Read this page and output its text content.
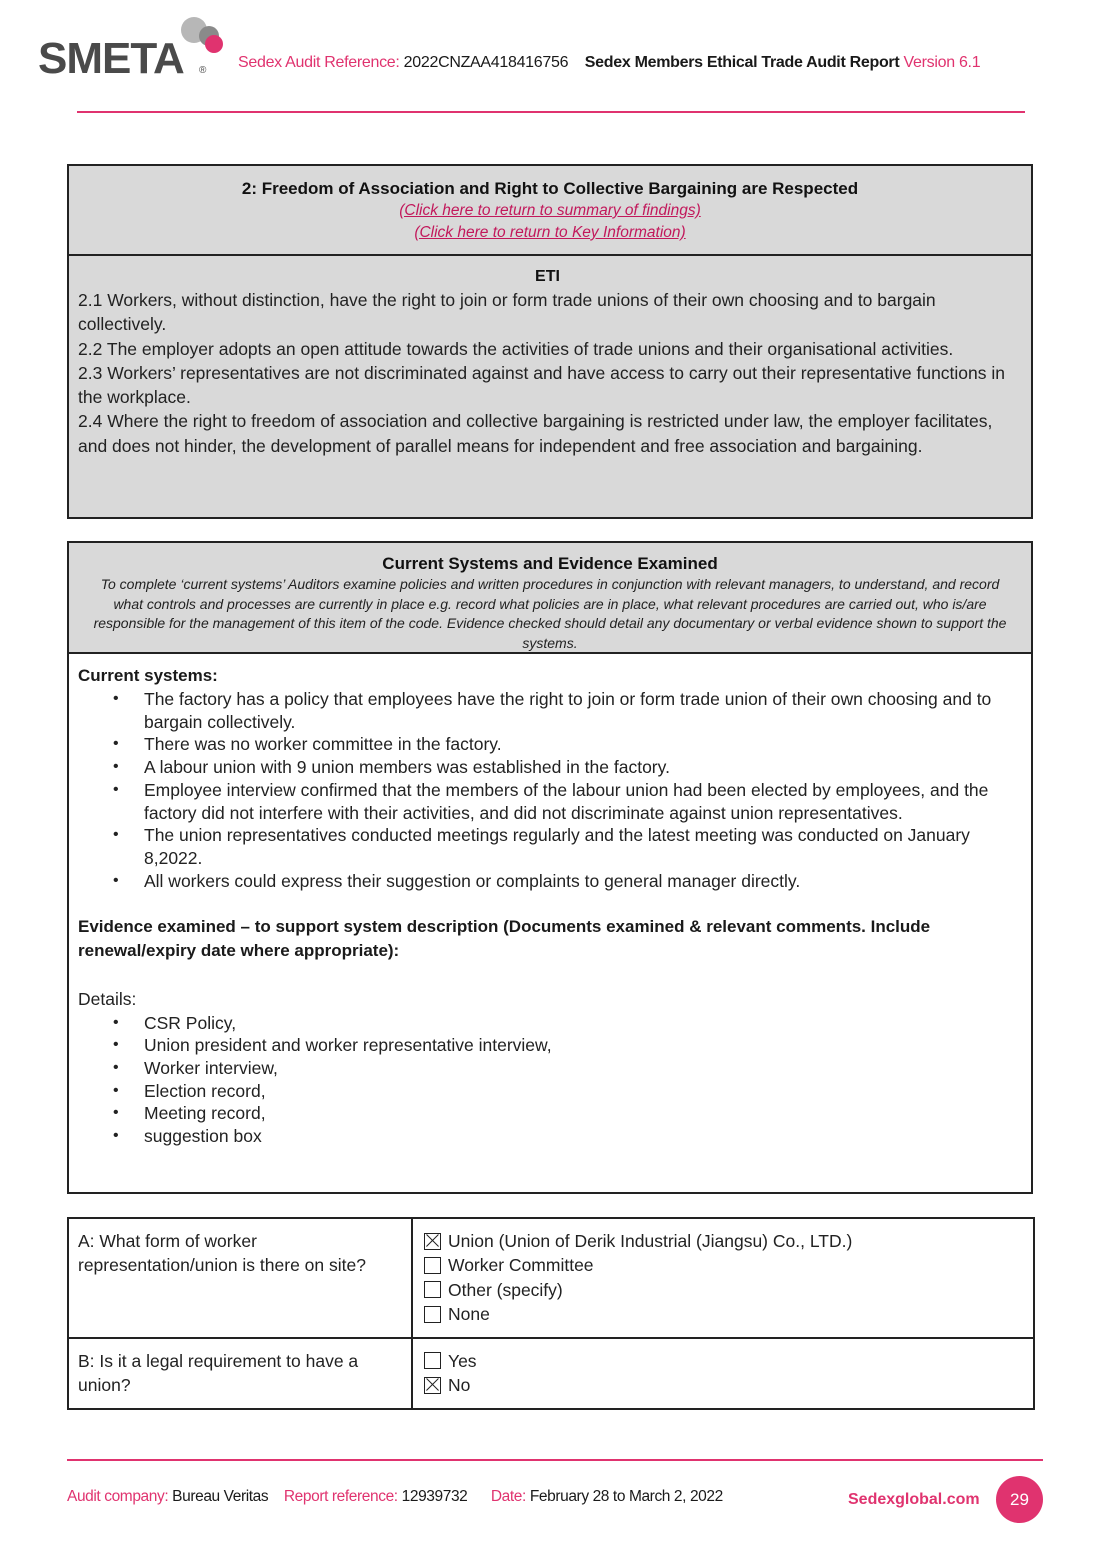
SMETA ® Sedex Audit Reference: 2022CNZAA418416756 Sedex Members Ethical Trade Audit Report Version 6.1
2: Freedom of Association and Right to Collective Bargaining are Respected
(Click here to return to summary of findings)
(Click here to return to Key Information)
ETI
2.1 Workers, without distinction, have the right to join or form trade unions of their own choosing and to bargain collectively.
2.2 The employer adopts an open attitude towards the activities of trade unions and their organisational activities.
2.3 Workers’ representatives are not discriminated against and have access to carry out their representative functions in the workplace.
2.4 Where the right to freedom of association and collective bargaining is restricted under law, the employer facilitates, and does not hinder, the development of parallel means for independent and free association and bargaining.
Current Systems and Evidence Examined
To complete ‘current systems’ Auditors examine policies and written procedures in conjunction with relevant managers, to understand, and record what controls and processes are currently in place e.g. record what policies are in place, what relevant procedures are carried out, who is/are responsible for the management of this item of the code. Evidence checked should detail any documentary or verbal evidence shown to support the systems.
Current systems:
• The factory has a policy that employees have the right to join or form trade union of their own choosing and to bargain collectively.
• There was no worker committee in the factory.
• A labour union with 9 union members was established in the factory.
• Employee interview confirmed that the members of the labour union had been elected by employees, and the factory did not interfere with their activities, and did not discriminate against union representatives.
• The union representatives conducted meetings regularly and the latest meeting was conducted on January 8,2022.
• All workers could express their suggestion or complaints to general manager directly.
Evidence examined – to support system description (Documents examined & relevant comments. Include renewal/expiry date where appropriate):
Details:
• CSR Policy,
• Union president and worker representative interview,
• Worker interview,
• Election record,
• Meeting record,
• suggestion box
A: What form of worker representation/union is there on site?	Union (Union of Derik Industrial (Jiangsu) Co., LTD.)
Worker Committee
Other (specify)
None

B: Is it a legal requirement to have a union?	Yes
No
Audit company: Bureau Veritas Report reference: 12939732 Date: February 28 to March 2, 2022	Sedexglobal.com	29
